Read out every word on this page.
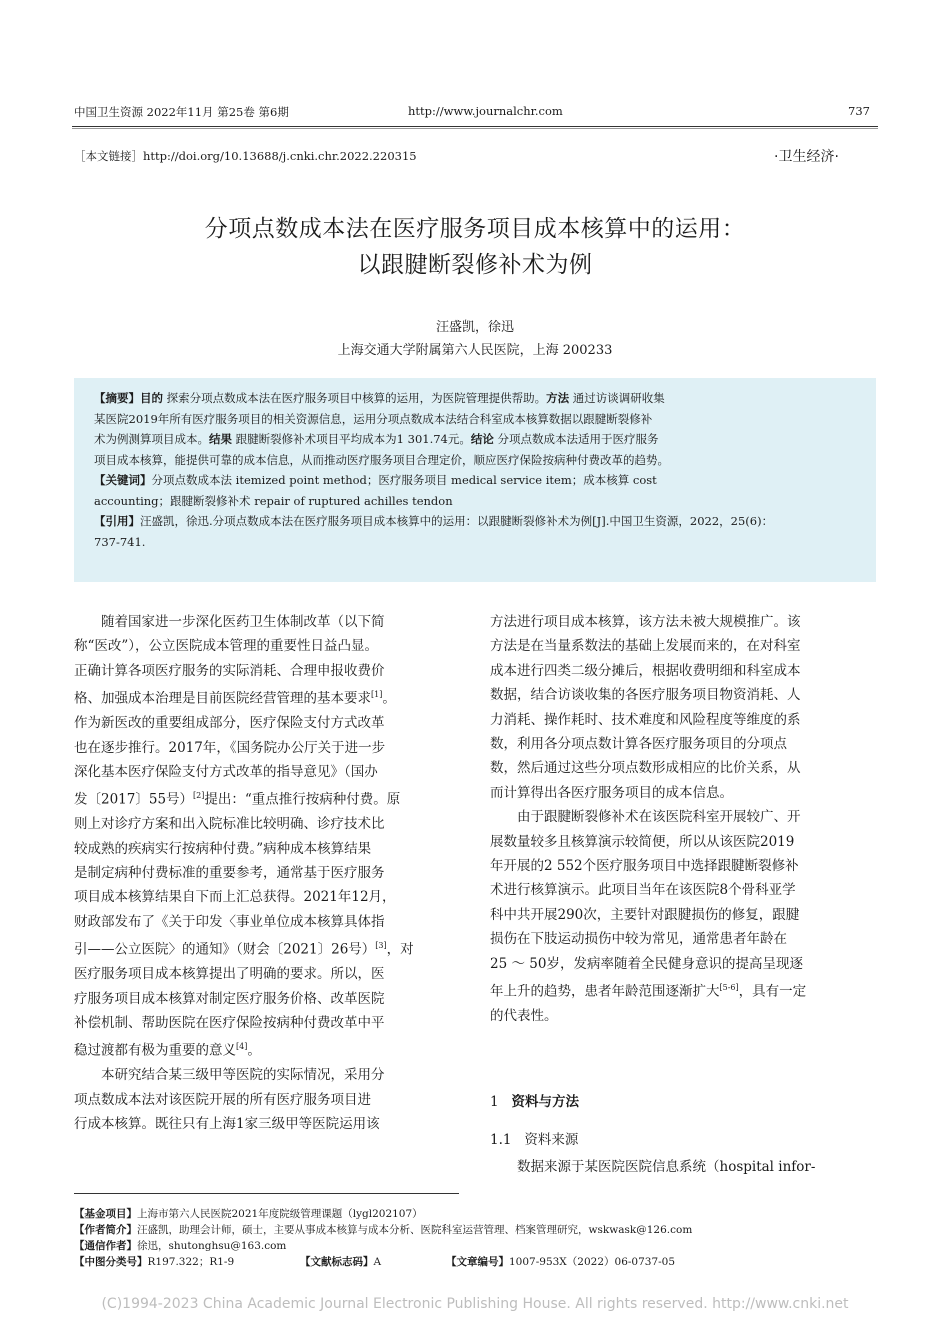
中国卫生资源 2022年11月 第25卷 第6期	http://www.journalchr.com	737
［本文链接］http://doi.org/10.13688/j.cnki.chr.2022.220315	·卫生经济·
分项点数成本法在医疗服务项目成本核算中的运用：
以跟腱断裂修补术为例
汪盛凯，徐迅
上海交通大学附属第六人民医院，上海 200233
【摘要】目的 探索分项点数成本法在医疗服务项目中核算的运用，为医院管理提供帮助。方法 通过访谈调研收集
某医院2019年所有医疗服务项目的相关资源信息，运用分项点数成本法结合科室成本核算数据以跟腱断裂修补
术为例测算项目成本。结果 跟腱断裂修补术项目平均成本为1 301.74元。结论 分项点数成本法适用于医疗服务
项目成本核算，能提供可靠的成本信息，从而推动医疗服务项目合理定价，顺应医疗保险按病种付费改革的趋势。
【关键词】分项点数成本法 itemized point method；医疗服务项目 medical service item；成本核算 cost
accounting；跟腱断裂修补术 repair of ruptured achilles tendon
【引用】汪盛凯，徐迅.分项点数成本法在医疗服务项目成本核算中的运用：以跟腱断裂修补术为例[J].中国卫生资源，2022，25(6)：
737-741.
随着国家进一步深化医药卫生体制改革（以下简
称“医改”），公立医院成本管理的重要性日益凸显。
正确计算各项医疗服务的实际消耗、合理申报收费价
格、加强成本治理是目前医院经营管理的基本要求[1]。
作为新医改的重要组成部分，医疗保险支付方式改革
也在逐步推行。2017年，《国务院办公厅关于进一步
深化基本医疗保险支付方式改革的指导意见》（国办
发〔2017〕55号）[2]提出：“重点推行按病种付费。原
则上对诊疗方案和出入院标准比较明确、诊疗技术比
较成熟的疾病实行按病种付费。”病种成本核算结果
是制定病种付费标准的重要参考，通常基于医疗服务
项目成本核算结果自下而上汇总获得。2021年12月，
财政部发布了《关于印发〈事业单位成本核算具体指
引——公立医院〉的通知》（财会〔2021〕26号）[3]，对
医疗服务项目成本核算提出了明确的要求。所以，医
疗服务项目成本核算对制定医疗服务价格、改革医院
补偿机制、帮助医院在医疗保险按病种付费改革中平
稳过渡都有极为重要的意义[4]。
本研究结合某三级甲等医院的实际情况，采用分
项点数成本法对该医院开展的所有医疗服务项目进
行成本核算。既往只有上海1家三级甲等医院运用该
方法进行项目成本核算，该方法未被大规模推广。该
方法是在当量系数法的基础上发展而来的，在对科室
成本进行四类二级分摊后，根据收费明细和科室成本
数据，结合访谈收集的各医疗服务项目物资消耗、人
力消耗、操作耗时、技术难度和风险程度等维度的系
数，利用各分项点数计算各医疗服务项目的分项点
数，然后通过这些分项点数形成相应的比价关系，从
而计算得出各医疗服务项目的成本信息。
由于跟腱断裂修补术在该医院科室开展较广、开
展数量较多且核算演示较简便，所以从该医院2019
年开展的2 552个医疗服务项目中选择跟腱断裂修补
术进行核算演示。此项目当年在该医院8个骨科亚学
科中共开展290次，主要针对跟腱损伤的修复，跟腱
损伤在下肢运动损伤中较为常见，通常患者年龄在
25 ～ 50岁，发病率随着全民健身意识的提高呈现逐
年上升的趋势，患者年龄范围逐渐扩大[5-6]，具有一定
的代表性。
1 资料与方法
1.1 资料来源
数据来源于某医院医院信息系统（hospital infor-
【基金项目】上海市第六人民医院2021年度院级管理课题（lygl202107）
【作者简介】汪盛凯，助理会计师，硕士，主要从事成本核算与成本分析、医院科室运营管理、档案管理研究，wskwask@126.com
【通信作者】徐迅，shutonghsu@163.com
【中图分类号】R197.322；R1-9	【文献标志码】A	【文章编号】1007-953X（2022）06-0737-05
(C)1994-2023 China Academic Journal Electronic Publishing House. All rights reserved. http://www.cnki.net
